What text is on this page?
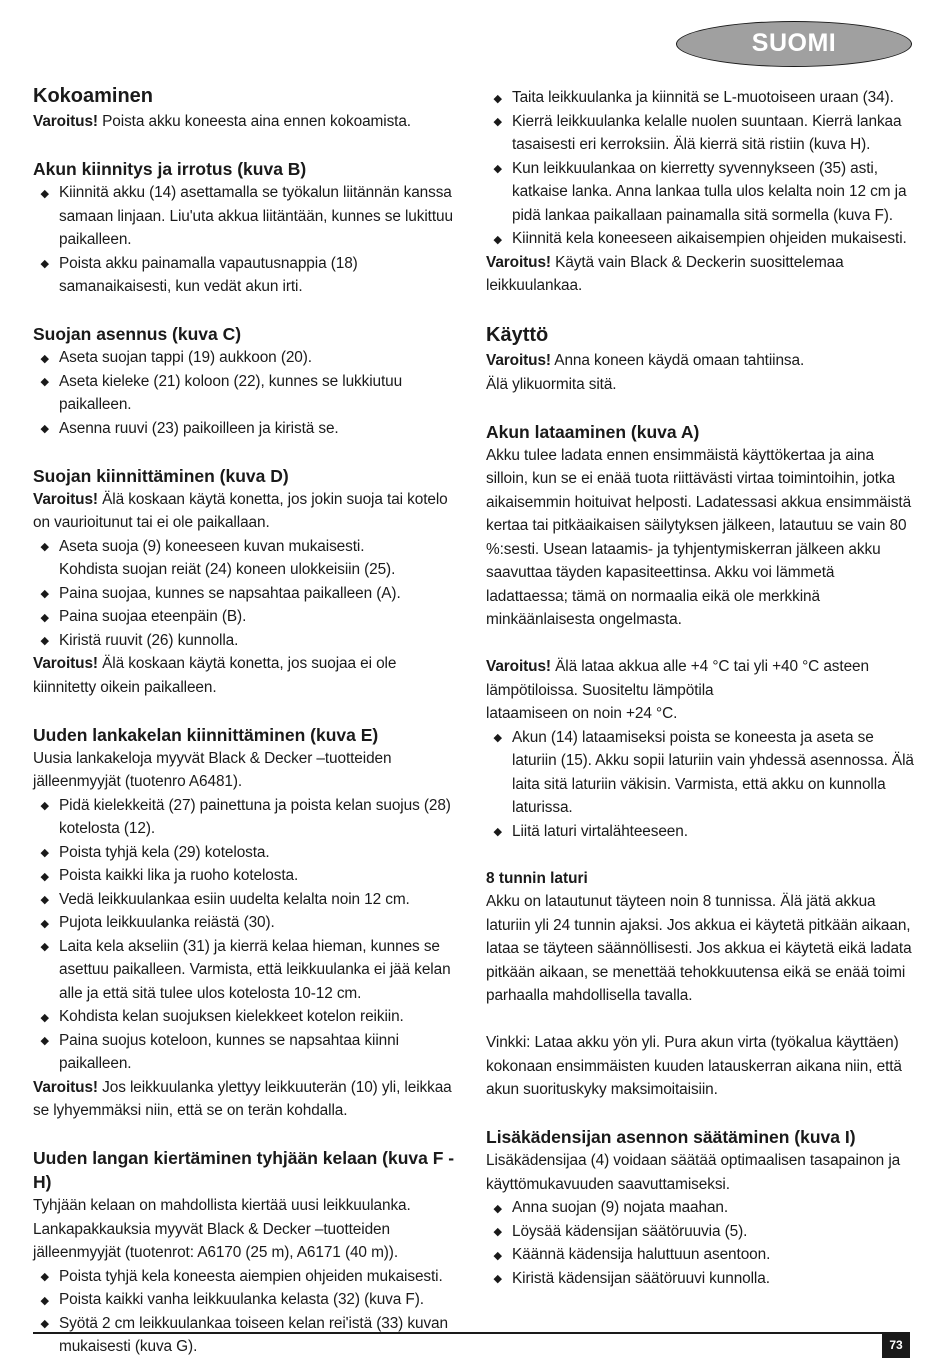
SUOMI
Kokoaminen

Varoitus! Poista akku koneesta aina ennen kokoamista.

Akun kiinnitys ja irrotus (kuva B)
Kiinnitä akku (14) asettamalla se työkalun liitännän kanssa samaan linjaan. Liu'uta akkua liitäntään, kunnes se lukittuu paikalleen.
Poista akku painamalla vapautusnappia (18) samanaikaisesti, kun vedät akun irti.
Suojan asennus (kuva C)
Aseta suojan tappi (19) aukkoon (20).
Aseta kieleke (21) koloon (22), kunnes se lukkiutuu paikalleen.
Asenna ruuvi (23) paikoilleen ja kiristä se.
Suojan kiinnittäminen (kuva D)

Varoitus! Älä koskaan käytä konetta, jos jokin suoja tai kotelo on vaurioitunut tai ei ole paikallaan.

Aseta suoja (9) koneeseen kuvan mukaisesti.
Kohdista suojan reiät (24) koneen ulokkeisiin (25).
Paina suojaa, kunnes se napsahtaa paikalleen (A).
Paina suojaa eteenpäin (B).
Kiristä ruuvit (26) kunnolla.

Varoitus! Älä koskaan käytä konetta, jos suojaa ei ole kiinnitetty oikein paikalleen.

Uuden lankakelan kiinnittäminen (kuva E)

Uusia lankakeloja myyvät Black & Decker –tuotteiden jälleenmyyjät (tuotenro A6481).

Pidä kielekkeitä (27) painettuna ja poista kelan suojus (28) kotelosta (12).
Poista tyhjä kela (29) kotelosta.
Poista kaikki lika ja ruoho kotelosta.
Vedä leikkuulankaa esiin uudelta kelalta noin 12 cm.
Pujota leikkuulanka reiästä (30).
Laita kela akseliin (31) ja kierrä kelaa hieman, kunnes se asettuu paikalleen. Varmista, että leikkuulanka ei jää kelan alle ja että sitä tulee ulos kotelosta 10-12 cm.
Kohdista kelan suojuksen kielekkeet kotelon reikiin.
Paina suojus koteloon, kunnes se napsahtaa kiinni paikalleen.

Varoitus! Jos leikkuulanka ylettyy leikkuuterän (10) yli, leikkaa se lyhyemmäksi niin, että se on terän kohdalla.

Uuden langan kiertäminen tyhjään kelaan (kuva F - H)

Tyhjään kelaan on mahdollista kiertää uusi leikkuulanka. Lankapakkauksia myyvät Black & Decker –tuotteiden jälleenmyyjät (tuotenrot: A6170 (25 m), A6171 (40 m)).

Poista tyhjä kela koneesta aiempien ohjeiden mukaisesti.
Poista kaikki vanha leikkuulanka kelasta (32) (kuva F).
Syötä 2 cm leikkuulankaa toiseen kelan rei'istä (33) kuvan mukaisesti (kuva G).
Taita leikkuulanka ja kiinnitä se L-muotoiseen uraan (34).
Kierrä leikkuulanka kelalle nuolen suuntaan. Kierrä lankaa tasaisesti eri kerroksiin. Älä kierrä sitä ristiin (kuva H).
Kun leikkuulankaa on kierretty syvennykseen (35) asti, katkaise lanka. Anna lankaa tulla ulos kelalta noin 12 cm ja pidä lankaa paikallaan painamalla sitä sormella (kuva F).
Kiinnitä kela koneeseen aikaisempien ohjeiden mukaisesti.

Varoitus! Käytä vain Black & Deckerin suosittelemaa leikkuulankaa.

Käyttö

Varoitus! Anna koneen käydä omaan tahtiinsa.

Älä ylikuormita sitä.

Akun lataaminen (kuva A)

Akku tulee ladata ennen ensimmäistä käyttökertaa ja aina silloin, kun se ei enää tuota riittävästi virtaa toimintoihin, jotka aikaisemmin hoituivat helposti. Ladatessasi akkua ensimmäistä kertaa tai pitkäaikaisen säilytyksen jälkeen, latautuu se vain 80 %:sesti. Usean lataamis- ja tyhjentymiskerran jälkeen akku saavuttaa täyden kapasiteettinsa. Akku voi lämmetä ladattaessa; tämä on normaalia eikä ole merkkinä minkäänlaisesta ongelmasta.

Varoitus! Älä lataa akkua alle +4 °C tai yli +40 °C asteen lämpötiloissa. Suositeltu lämpötila
lataamiseen on noin +24 °C.

Akun (14) lataamiseksi poista se koneesta ja aseta se laturiin (15). Akku sopii laturiin vain yhdessä asennossa. Älä laita sitä laturiin väkisin. Varmista, että akku on kunnolla laturissa.
Liitä laturi virtalähteeseen.
8 tunnin laturi

Akku on latautunut täyteen noin 8 tunnissa. Älä jätä akkua laturiin yli 24 tunnin ajaksi. Jos akkua ei käytetä pitkään aikaan, lataa se täyteen säännöllisesti. Jos akkua ei käytetä eikä ladata pitkään aikaan, se menettää tehokkuutensa eikä se enää toimi parhaalla mahdollisella tavalla.

Vinkki: Lataa akku yön yli. Pura akun virta (työkalua käyttäen) kokonaan ensimmäisten kuuden latauskerran aikana niin, että akun suorituskyky maksimoitaisiin.

Lisäkädensijan asennon säätäminen (kuva I)

Lisäkädensijaa (4) voidaan säätää optimaalisen tasapainon ja käyttömukavuuden saavuttamiseksi.

Anna suojan (9) nojata maahan.
Löysää kädensijan säätöruuvia (5).
Käännä kädensija haluttuun asentoon.
Kiristä kädensijan säätöruuvi kunnolla.
73
